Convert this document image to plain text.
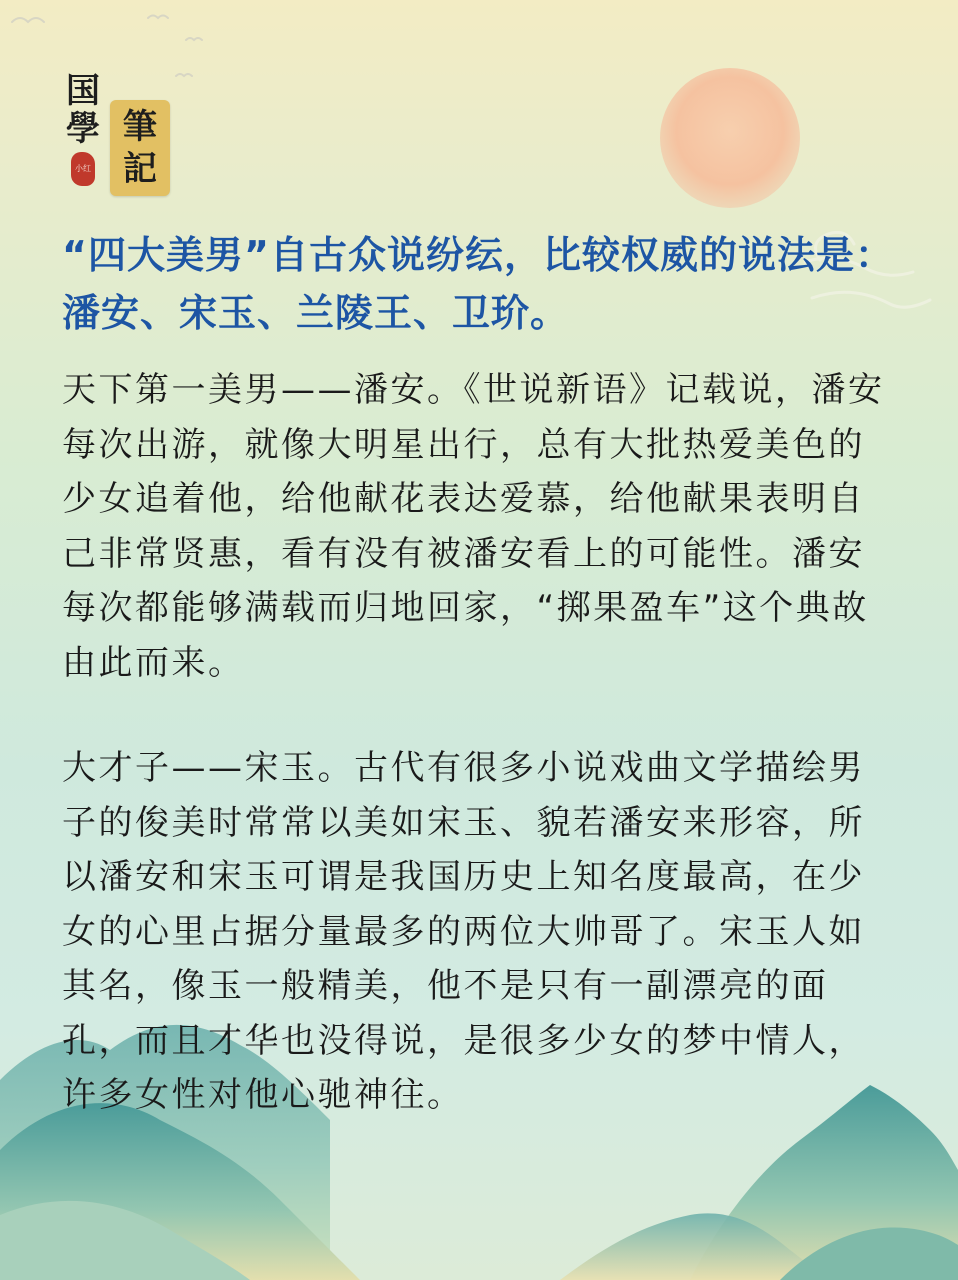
国
學
小红
筆
記
“四大美男”自古众说纷纭，比较权威的说法是：潘安、宋玉、兰陵王、卫玠。
天下第一美男——潘安。《世说新语》记载说，潘安每次出游，就像大明星出行，总有大批热爱美色的少女追着他，给他献花表达爱慕，给他献果表明自己非常贤惠，看有没有被潘安看上的可能性。潘安每次都能够满载而归地回家，“掷果盈车”这个典故由此而来。
大才子——宋玉。古代有很多小说戏曲文学描绘男子的俊美时常常以美如宋玉、貌若潘安来形容，所以潘安和宋玉可谓是我国历史上知名度最高，在少女的心里占据分量最多的两位大帅哥了。宋玉人如其名，像玉一般精美，他不是只有一副漂亮的面孔，而且才华也没得说，是很多少女的梦中情人，许多女性对他心驰神往。
